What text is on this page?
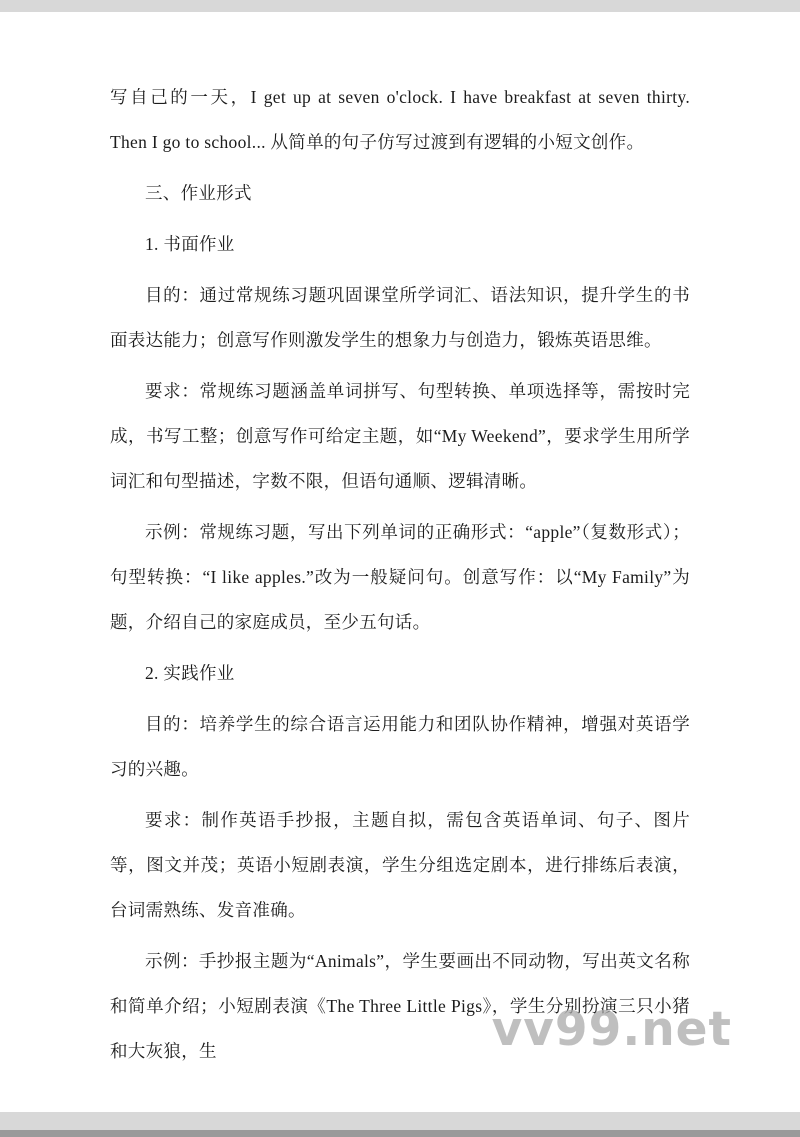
写自己的一天，I get up at seven o'clock. I have breakfast at seven thirty. Then I go to school... 从简单的句子仿写过渡到有逻辑的小短文创作。

三、作业形式

1. 书面作业

目的：通过常规练习题巩固课堂所学词汇、语法知识，提升学生的书面表达能力；创意写作则激发学生的想象力与创造力，锻炼英语思维。

要求：常规练习题涵盖单词拼写、句型转换、单项选择等，需按时完成，书写工整；创意写作可给定主题，如“My Weekend”，要求学生用所学词汇和句型描述，字数不限，但语句通顺、逻辑清晰。

示例：常规练习题，写出下列单词的正确形式：“apple”（复数形式）；句型转换：“I like apples.”改为一般疑问句。创意写作：以“My Family”为题，介绍自己的家庭成员，至少五句话。

2. 实践作业

目的：培养学生的综合语言运用能力和团队协作精神，增强对英语学习的兴趣。

要求：制作英语手抄报，主题自拟，需包含英语单词、句子、图片等，图文并茂；英语小短剧表演，学生分组选定剧本，进行排练后表演，台词需熟练、发音准确。

示例：手抄报主题为“Animals”，学生要画出不同动物，写出英文名称和简单介绍；小短剧表演《The Three Little Pigs》，学生分别扮演三只小猪和大灰狼，生	vv99.net
